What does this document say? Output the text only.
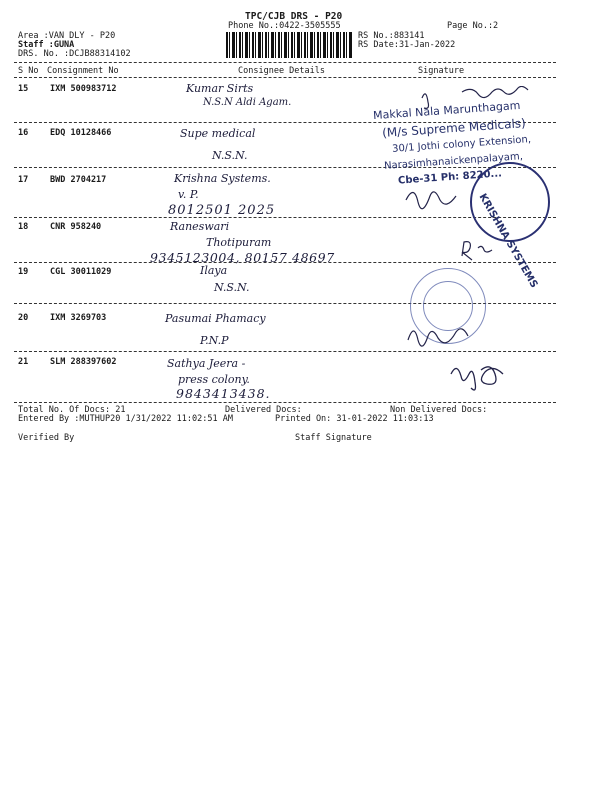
TPC/CJB DRS - P20
Phone No.:0422-3505555	Page No.:2
Area :VAN DLY - P20
Staff :GUNA
DRS. No. :DCJB88314102
RS No.:883141
RS Date:31-Jan-2022
S No Consignment No	Consignee Details	Signature
15	IXM 500983712	Kumar Sirts
N.S.N Aldi Agam.
16	EDQ 10128466	Supe medical
N.S.N.
17	BWD 2704217	Krishna Systems.
v. P.
8012501 2025
18	CNR 958240	Raneswari
Thotipuram
9345123004, 80157 48697
19	CGL 30011029	Ilaya
N.S.N.
20	IXM 3269703	Pasumai Phamacy
P.N.P
21	SLM 288397602	Sathya Jeera -
press colony.
9843413438.
Makkal Nala Marunthagam
(M/s Supreme Medicals)
30/1 Jothi colony Extension,
Narasimhanaickenpalayam,
Cbe-31 Ph: 8220...
KRISHNA SYSTEMS
Total No. Of Docs: 21	Delivered Docs:	Non Delivered Docs:
Entered By :MUTHUP20 1/31/2022 11:02:51 AM	Printed On: 31-01-2022 11:03:13
Verified By	Staff Signature
